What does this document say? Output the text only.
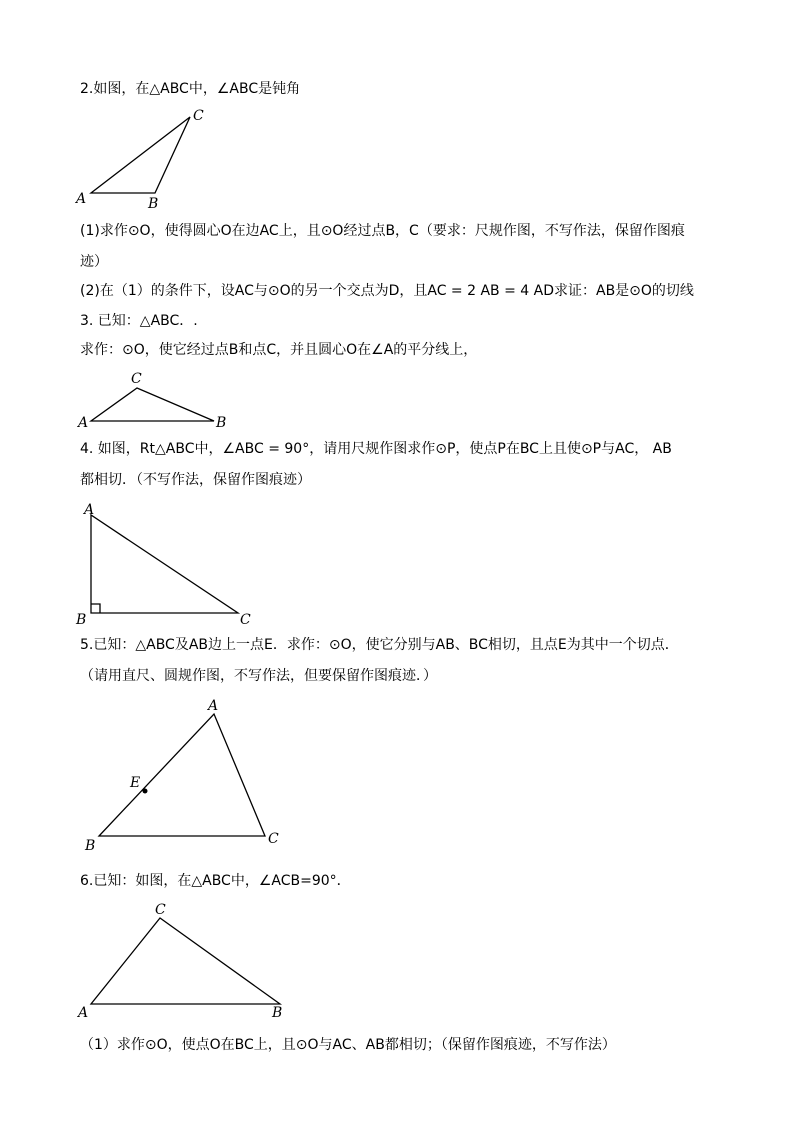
2.如图，在△ABC中，∠ABC是钝角
(1)求作⊙O，使得圆心O在边AC上，且⊙O经过点B，C（要求：尺规作图，不写作法，保留作图痕
迹）
(2)在（1）的条件下，设AC与⊙O的另一个交点为D，且AC = 2 AB = 4 AD求证：AB是⊙O的切线
3. 已知：△ABC．.
求作：⊙O，使它经过点B和点C，并且圆心O在∠A的平分线上，
4. 如图，Rt△ABC中，∠ABC = 90°，请用尺规作图求作⊙P，使点P在BC上且使⊙P与AC， AB
都相切．（不写作法，保留作图痕迹）
5.已知：△ABC及AB边上一点E．求作：⊙O，使它分别与AB、BC相切，且点E为其中一个切点．
（请用直尺、圆规作图，不写作法，但要保留作图痕迹．）
6.已知：如图，在△ABC中，∠ACB=90°．
（1）求作⊙O，使点O在BC上，且⊙O与AC、AB都相切；（保留作图痕迹，不写作法）
A	B
C
A	B
C
A
B	C
A
B	C
E
A	B
C
